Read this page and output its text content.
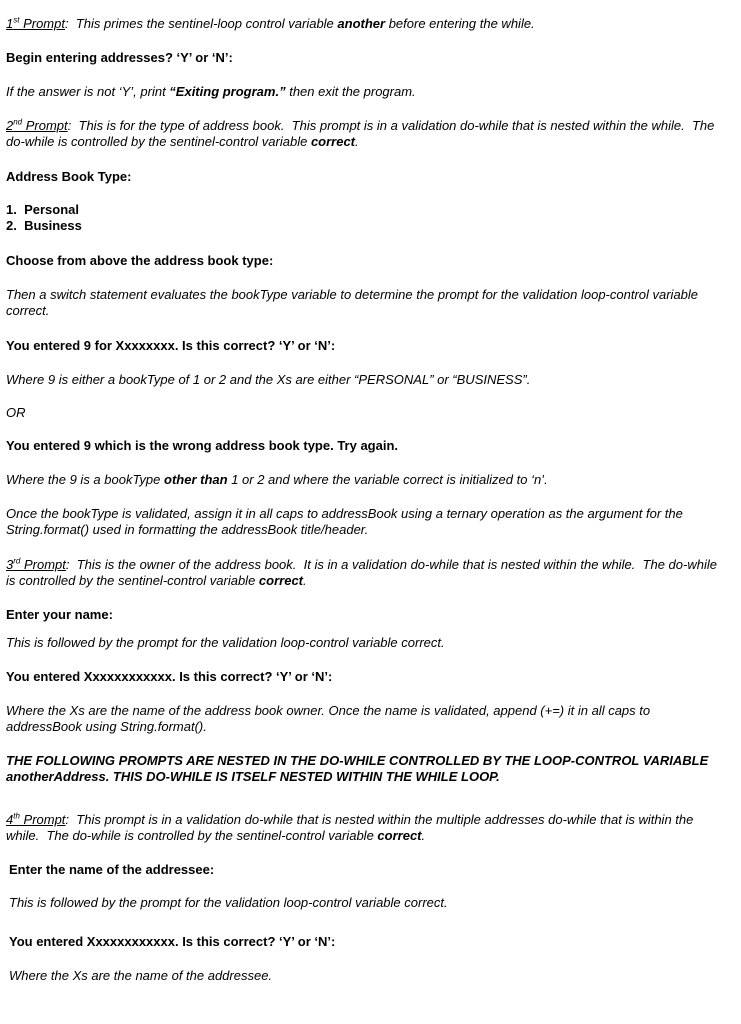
1st Prompt:  This primes the sentinel-loop control variable another before entering the while.

Begin entering addresses? ‘Y’ or ‘N’:

If the answer is not ‘Y’, print “Exiting program.” then exit the program.

2nd Prompt:  This is for the type of address book.  This prompt is in a validation do-while that is nested within the while.  The do-while is controlled by the sentinel-control variable correct.

Address Book Type:

1.  Personal
2.  Business

Choose from above the address book type:

Then a switch statement evaluates the bookType variable to determine the prompt for the validation loop-control variable correct.

You entered 9 for Xxxxxxxx. Is this correct? ‘Y’ or ‘N’:

Where 9 is either a bookType of 1 or 2 and the Xs are either “PERSONAL” or “BUSINESS”.

OR

You entered 9 which is the wrong address book type. Try again.

Where the 9 is a bookType other than 1 or 2 and where the variable correct is initialized to ‘n’.

Once the bookType is validated, assign it in all caps to addressBook using a ternary operation as the argument for the String.format() used in formatting the addressBook title/header.

3rd Prompt:  This is the owner of the address book.  It is in a validation do-while that is nested within the while.  The do-while is controlled by the sentinel-control variable correct.

Enter your name:

This is followed by the prompt for the validation loop-control variable correct.

You entered Xxxxxxxxxxxx. Is this correct? ‘Y’ or ‘N’:

Where the Xs are the name of the address book owner. Once the name is validated, append (+=) it in all caps to addressBook using String.format().

THE FOLLOWING PROMPTS ARE NESTED IN THE DO-WHILE CONTROLLED BY THE LOOP-CONTROL VARIABLE anotherAddress. THIS DO-WHILE IS ITSELF NESTED WITHIN THE WHILE LOOP.

4th Prompt:  This prompt is in a validation do-while that is nested within the multiple addresses do-while that is within the while.  The do-while is controlled by the sentinel-control variable correct.

Enter the name of the addressee:

This is followed by the prompt for the validation loop-control variable correct.

You entered Xxxxxxxxxxxx. Is this correct? ‘Y’ or ‘N’:

Where the Xs are the name of the addressee.
